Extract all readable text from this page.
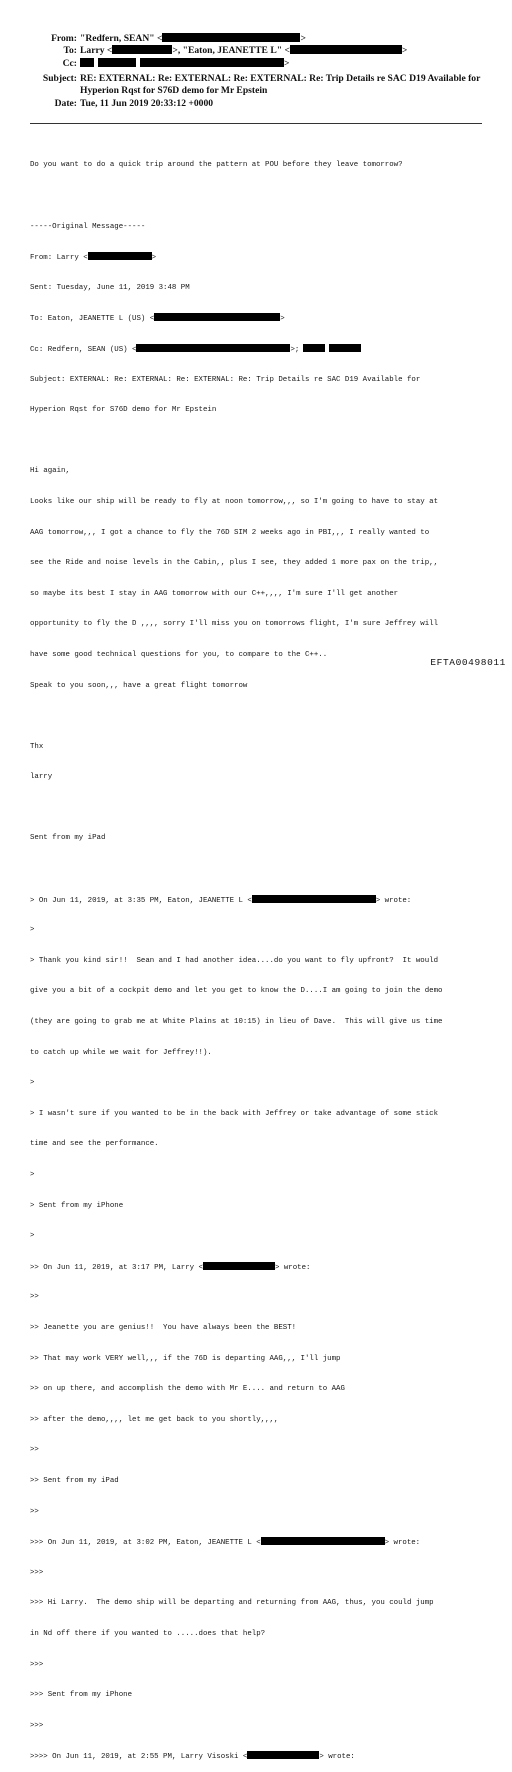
From: "Redfern, SEAN" <	>
To: Larry <	>, "Eaton, JEANETTE L" <	>
Cc:	>
Subject: RE: EXTERNAL: Re: EXTERNAL: Re: EXTERNAL: Re: Trip Details re SAC D19 Available for
Hyperion Rqst for S76D demo for Mr Epstein
Date: Tue, 11 Jun 2019 20:33:12 +0000

Do you want to do a quick trip around the pattern at POU before they leave tomorrow?

-----Original Message-----

From: Larry <	>

Sent: Tuesday, June 11, 2019 3:48 PM

To: Eaton, JEANETTE L (US) <	>

Cc: Redfern, SEAN (US) <	>;

Subject: EXTERNAL: Re: EXTERNAL: Re: EXTERNAL: Re: Trip Details re SAC D19 Available for

Hyperion Rqst for S76D demo for Mr Epstein

Hi again,

Looks like our ship will be ready to fly at noon tomorrow,,, so I'm going to have to stay at

AAG tomorrow,,, I got a chance to fly the 76D SIM 2 weeks ago in PBI,,, I really wanted to

see the Ride and noise levels in the Cabin,, plus I see, they added 1 more pax on the trip,,

so maybe its best I stay in AAG tomorrow with our C++,,,, I'm sure I'll get another

opportunity to fly the D ,,,, sorry I'll miss you on tomorrows flight, I'm sure Jeffrey will

have some good technical questions for you, to compare to the C++..

Speak to you soon,,, have a great flight tomorrow

Thx

larry

Sent from my iPad

> On Jun 11, 2019, at 3:35 PM, Eaton, JEANETTE L <	> wrote:

>

> Thank you kind sir!!  Sean and I had another idea....do you want to fly upfront?  It would

give you a bit of a cockpit demo and let you get to know the D....I am going to join the demo

(they are going to grab me at White Plains at 10:15) in lieu of Dave.  This will give us time

to catch up while we wait for Jeffrey!!).

>

> I wasn't sure if you wanted to be in the back with Jeffrey or take advantage of some stick

time and see the performance.

>

> Sent from my iPhone

>

>> On Jun 11, 2019, at 3:17 PM, Larry <	> wrote:

>>

>> Jeanette you are genius!!  You have always been the BEST!

>> That may work VERY well,,, if the 76D is departing AAG,,, I'll jump

>> on up there, and accomplish the demo with Mr E.... and return to AAG

>> after the demo,,,, let me get back to you shortly,,,,

>>

>> Sent from my iPad

>>

>>> On Jun 11, 2019, at 3:02 PM, Eaton, JEANETTE L <	> wrote:

>>>

>>> Hi Larry.  The demo ship will be departing and returning from AAG, thus, you could jump

in Nd off there if you wanted to .....does that help?

>>>

>>> Sent from my iPhone

>>>

>>>> On Jun 11, 2019, at 2:55 PM, Larry Visoski <	> wrote:

EFTA00498011
